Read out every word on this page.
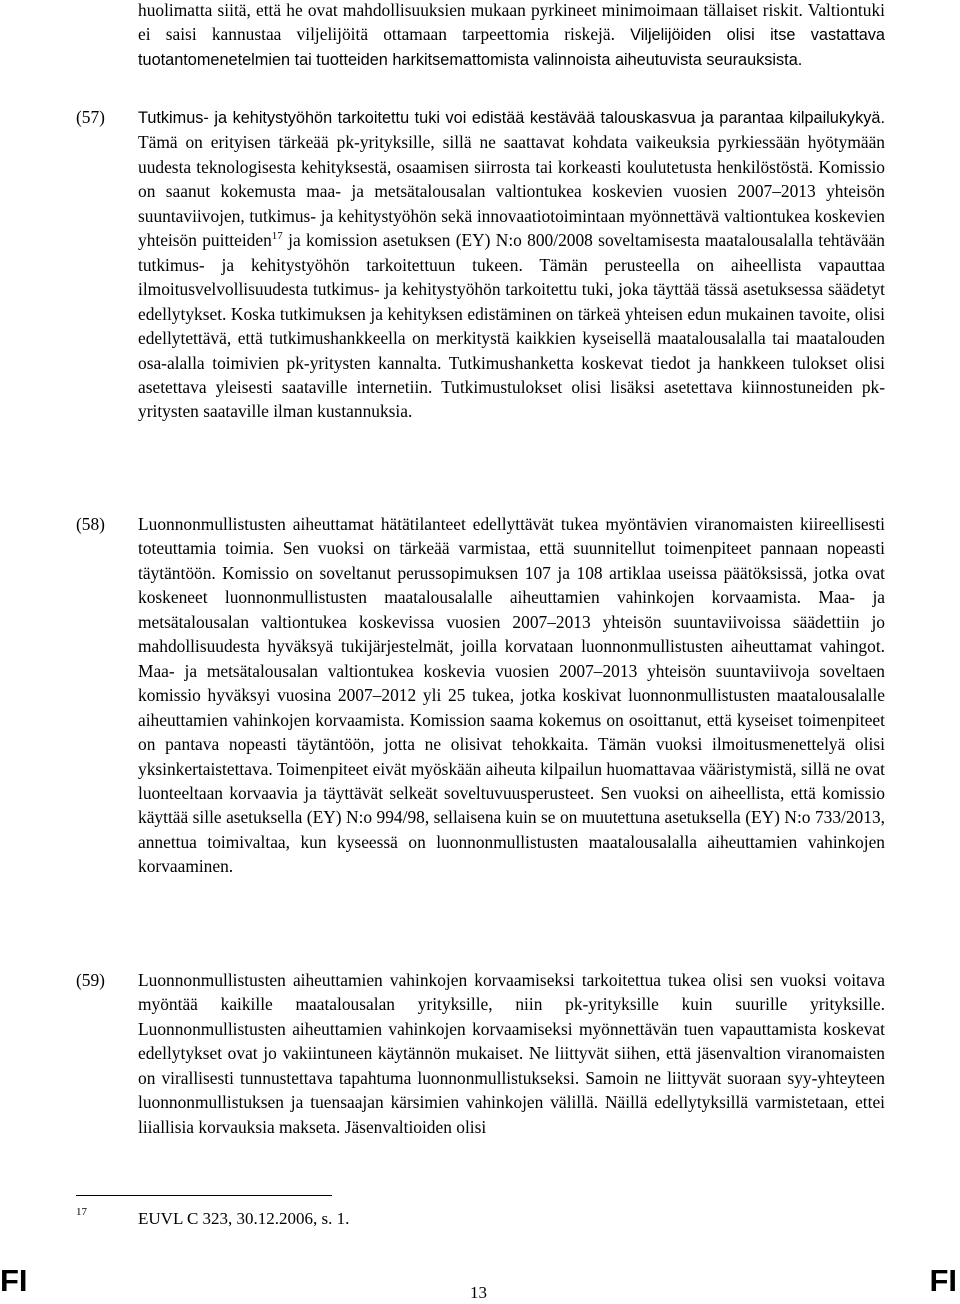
huolimatta siitä, että he ovat mahdollisuuksien mukaan pyrkineet minimoimaan tällaiset riskit. Valtiontuki ei saisi kannustaa viljelijöitä ottamaan tarpeettomia riskejä. Viljelijöiden olisi itse vastattava tuotantomenetelmien tai tuotteiden harkitsemattomista valinnoista aiheutuvista seurauksista.

(57) Tutkimus- ja kehitystyöhön tarkoitettu tuki voi edistää kestävää talouskasvua ja parantaa kilpailukykyä. Tämä on erityisen tärkeää pk-yrityksille, sillä ne saattavat kohdata vaikeuksia pyrkiessään hyötymään uudesta teknologisesta kehityksestä, osaamisen siirrosta tai korkeasti koulutetusta henkilöstöstä. Komissio on saanut kokemusta maa- ja metsätalousalan valtiontukea koskevien vuosien 2007–2013 yhteisön suuntaviivojen, tutkimus- ja kehitystyöhön sekä innovaatiotoimintaan myönnettävä valtiontukea koskevien yhteisön puitteiden$^{17}$ ja komission asetuksen (EY) N:o 800/2008 soveltamisesta maatalousalalla tehtävään tutkimus- ja kehitystyöhön tarkoitettuun tukeen. Tämän perusteella on aiheellista vapauttaa ilmoitusvelvollisuudesta tutkimus- ja kehitystyöhön tarkoitettu tuki, joka täyttää tässä asetuksessa säädetyt edellytykset. Koska tutkimuksen ja kehityksen edistäminen on tärkeä yhteisen edun mukainen tavoite, olisi edellytettävä, että tutkimushankkeella on merkitystä kaikkien kyseisellä maatalousalalla tai maatalouden osa-alalla toimivien pk-yritysten kannalta. Tutkimushanketta koskevat tiedot ja hankkeen tulokset olisi asetettava yleisesti saataville internetiin. Tutkimustulokset olisi lisäksi asetettava kiinnostuneiden pk-yritysten saataville ilman kustannuksia.

(58) Luonnonmullistusten aiheuttamat hätätilanteet edellyttävät tukea myöntävien viranomaisten kiireellisesti toteuttamia toimia. Sen vuoksi on tärkeää varmistaa, että suunnitellut toimenpiteet pannaan nopeasti täytäntöön. Komissio on soveltanut perussopimuksen 107 ja 108 artiklaa useissa päätöksissä, jotka ovat koskeneet luonnonmullistusten maatalousalalle aiheuttamien vahinkojen korvaamista. Maa- ja metsätalousalan valtiontukea koskevissa vuosien 2007–2013 yhteisön suuntaviivoissa säädettiin jo mahdollisuudesta hyväksyä tukijärjestelmät, joilla korvataan luonnonmullistusten aiheuttamat vahingot. Maa- ja metsätalousalan valtiontukea koskevia vuosien 2007–2013 yhteisön suuntaviivoja soveltaen komissio hyväksyi vuosina 2007–2012 yli 25 tukea, jotka koskivat luonnonmullistusten maatalousalalle aiheuttamien vahinkojen korvaamista. Komission saama kokemus on osoittanut, että kyseiset toimenpiteet on pantava nopeasti täytäntöön, jotta ne olisivat tehokkaita. Tämän vuoksi ilmoitusmenettelyä olisi yksinkertaistettava. Toimenpiteet eivät myöskään aiheuta kilpailun huomattavaa vääristymistä, sillä ne ovat luonteeltaan korvaavia ja täyttävät selkeät soveltuvuusperusteet. Sen vuoksi on aiheellista, että komissio käyttää sille asetuksella (EY) N:o 994/98, sellaisena kuin se on muutettuna asetuksella (EY) N:o 733/2013, annettua toimivaltaa, kun kyseessä on luonnonmullistusten maatalousalalla aiheuttamien vahinkojen korvaaminen.

(59) Luonnonmullistusten aiheuttamien vahinkojen korvaamiseksi tarkoitettua tukea olisi sen vuoksi voitava myöntää kaikille maatalousalan yrityksille, niin pk-yrityksille kuin suurille yrityksille. Luonnonmullistusten aiheuttamien vahinkojen korvaamiseksi myönnettävän tuen vapauttamista koskevat edellytykset ovat jo vakiintuneen käytännön mukaiset. Ne liittyvät siihen, että jäsenvaltion viranomaisten on virallisesti tunnustettava tapahtuma luonnonmullistukseksi. Samoin ne liittyvät suoraan syy-yhteyteen luonnonmullistuksen ja tuensaajan kärsimien vahinkojen välillä. Näillä edellytyksillä varmistetaan, ettei liiallisia korvauksia makseta. Jäsenvaltioiden olisi

17	EUVL C 323, 30.12.2006, s. 1.
FI	13	FI
